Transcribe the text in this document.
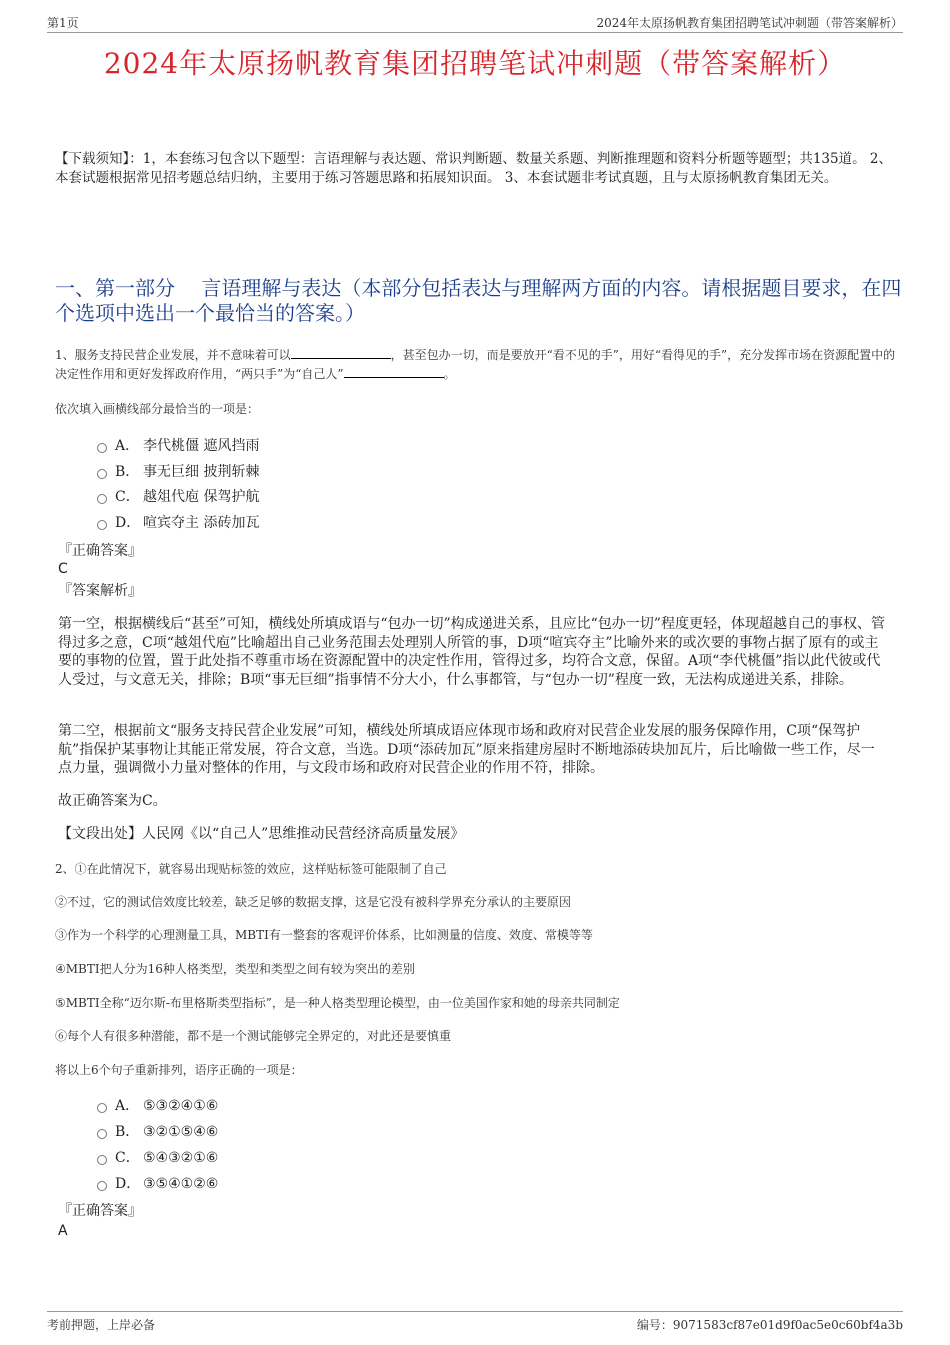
第1页	2024年太原扬帆教育集团招聘笔试冲刺题（带答案解析）
2024年太原扬帆教育集团招聘笔试冲刺题（带答案解析）
【下载须知】：1，本套练习包含以下题型：言语理解与表达题、常识判断题、数量关系题、判断推理题和资料分析题等题型；共135道。 2、本套试题根据常见招考题总结归纳，主要用于练习答题思路和拓展知识面。 3、本套试题非考试真题，且与太原扬帆教育集团无关。
一、第一部分　 言语理解与表达（本部分包括表达与理解两方面的内容。请根据题目要求，在四个选项中选出一个最恰当的答案。）
1、服务支持民营企业发展，并不意味着可以	，甚至包办一切，而是要放开“看不见的手”，用好“看得见的手”，充分发挥市场在资源配置中的决定性作用和更好发挥政府作用，“两只手”为“自己人”	。
依次填入画横线部分最恰当的一项是：
A． 李代桃僵 遮风挡雨
B． 事无巨细 披荆斩棘
C． 越俎代庖 保驾护航
D． 喧宾夺主 添砖加瓦
『正确答案』
C
『答案解析』
第一空，根据横线后“甚至”可知，横线处所填成语与“包办一切”构成递进关系，且应比“包办一切”程度更轻，体现超越自己的事权、管得过多之意，C项“越俎代庖”比喻超出自己业务范围去处理别人所管的事，D项“喧宾夺主”比喻外来的或次要的事物占据了原有的或主要的事物的位置，置于此处指不尊重市场在资源配置中的决定性作用，管得过多，均符合文意，保留。A项“李代桃僵”指以此代彼或代人受过，与文意无关，排除；B项“事无巨细”指事情不分大小，什么事都管，与“包办一切”程度一致，无法构成递进关系，排除。
第二空，根据前文“服务支持民营企业发展”可知，横线处所填成语应体现市场和政府对民营企业发展的服务保障作用，C项“保驾护航”指保护某事物让其能正常发展，符合文意，当选。D项“添砖加瓦”原来指建房屋时不断地添砖块加瓦片，后比喻做一些工作，尽一点力量，强调微小力量对整体的作用，与文段市场和政府对民营企业的作用不符，排除。
故正确答案为C。
【文段出处】人民网《以“自己人”思维推动民营经济高质量发展》
2、①在此情况下，就容易出现贴标签的效应，这样贴标签可能限制了自己
②不过，它的测试信效度比较差，缺乏足够的数据支撑，这是它没有被科学界充分承认的主要原因
③作为一个科学的心理测量工具，MBTI有一整套的客观评价体系，比如测量的信度、效度、常模等等
④MBTI把人分为16种人格类型，类型和类型之间有较为突出的差别
⑤MBTI全称“迈尔斯-布里格斯类型指标”，是一种人格类型理论模型，由一位美国作家和她的母亲共同制定
⑥每个人有很多种潜能，都不是一个测试能够完全界定的，对此还是要慎重
将以上6个句子重新排列，语序正确的一项是：
A． ⑤③②④①⑥
B． ③②①⑤④⑥
C． ⑤④③②①⑥
D． ③⑤④①②⑥
『正确答案』
A
考前押题，上岸必备	编号：9071583cf87e01d9f0ac5e0c60bf4a3b
